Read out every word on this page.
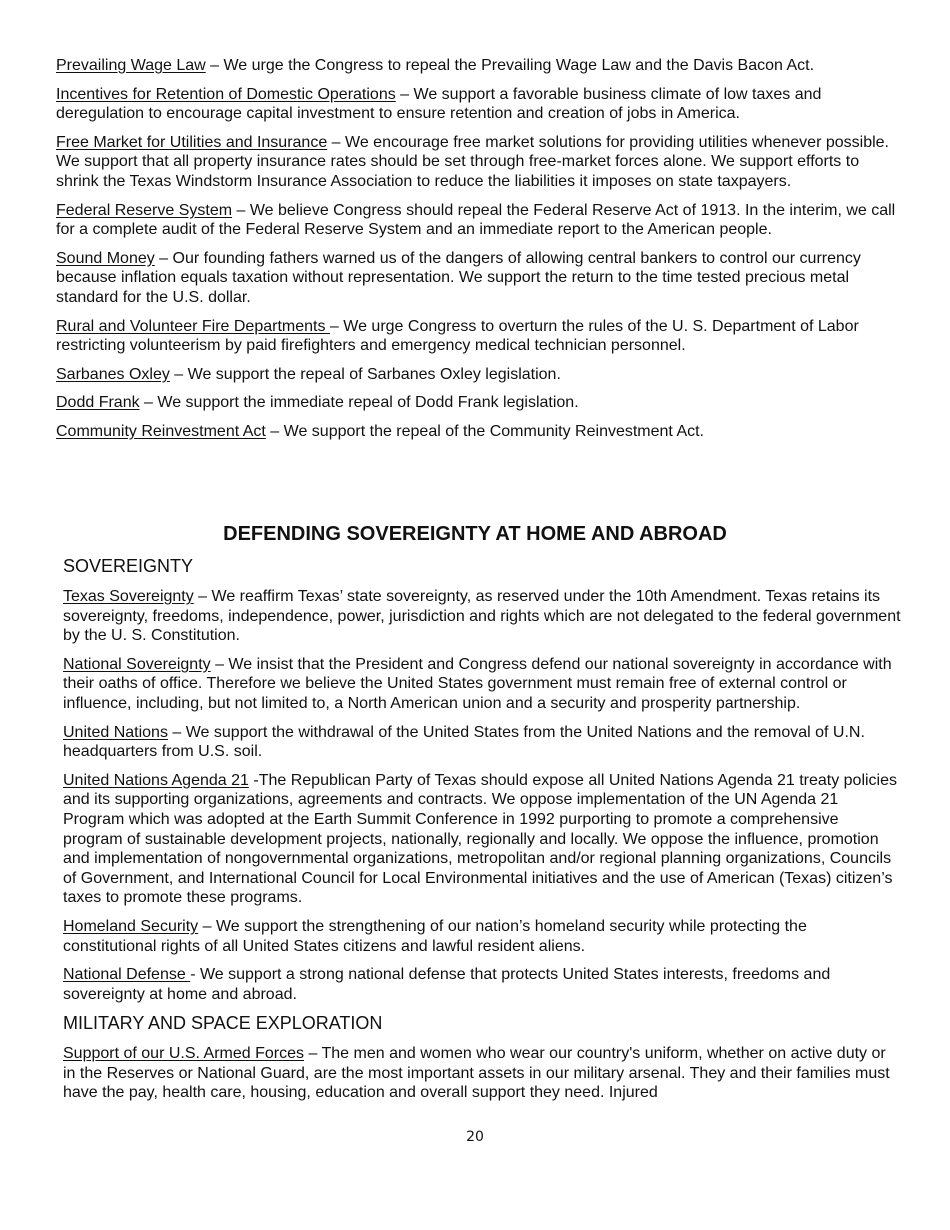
Prevailing Wage Law – We urge the Congress to repeal the Prevailing Wage Law and the Davis Bacon Act.

Incentives for Retention of Domestic Operations – We support a favorable business climate of low taxes and deregulation to encourage capital investment to ensure retention and creation of jobs in America.

Free Market for Utilities and Insurance – We encourage free market solutions for providing utilities whenever possible. We support that all property insurance rates should be set through free-market forces alone. We support efforts to shrink the Texas Windstorm Insurance Association to reduce the liabilities it imposes on state taxpayers.

Federal Reserve System – We believe Congress should repeal the Federal Reserve Act of 1913. In the interim, we call for a complete audit of the Federal Reserve System and an immediate report to the American people.

Sound Money – Our founding fathers warned us of the dangers of allowing central bankers to control our currency because inflation equals taxation without representation. We support the return to the time tested precious metal standard for the U.S. dollar.

Rural and Volunteer Fire Departments – We urge Congress to overturn the rules of the U. S. Department of Labor restricting volunteerism by paid firefighters and emergency medical technician personnel.

Sarbanes Oxley – We support the repeal of Sarbanes Oxley legislation.

Dodd Frank – We support the immediate repeal of Dodd Frank legislation.

Community Reinvestment Act – We support the repeal of the Community Reinvestment Act.

DEFENDING SOVEREIGNTY AT HOME AND ABROAD
SOVEREIGNTY

Texas Sovereignty – We reaffirm Texas’ state sovereignty, as reserved under the 10th Amendment. Texas retains its sovereignty, freedoms, independence, power, jurisdiction and rights which are not delegated to the federal government by the U. S. Constitution.

National Sovereignty – We insist that the President and Congress defend our national sovereignty in accordance with their oaths of office. Therefore we believe the United States government must remain free of external control or influence, including, but not limited to, a North American union and a security and prosperity partnership.

United Nations – We support the withdrawal of the United States from the United Nations and the removal of U.N. headquarters from U.S. soil.

United Nations Agenda 21 -The Republican Party of Texas should expose all United Nations Agenda 21 treaty policies and its supporting organizations, agreements and contracts. We oppose implementation of the UN Agenda 21 Program which was adopted at the Earth Summit Conference in 1992 purporting to promote a comprehensive program of sustainable development projects, nationally, regionally and locally. We oppose the influence, promotion and implementation of nongovernmental organizations, metropolitan and/or regional planning organizations, Councils of Government, and International Council for Local Environmental initiatives and the use of American (Texas) citizen’s taxes to promote these programs.

Homeland Security – We support the strengthening of our nation’s homeland security while protecting the constitutional rights of all United States citizens and lawful resident aliens.

National Defense - We support a strong national defense that protects United States interests, freedoms and sovereignty at home and abroad.

MILITARY AND SPACE EXPLORATION

Support of our U.S. Armed Forces – The men and women who wear our country's uniform, whether on active duty or in the Reserves or National Guard, are the most important assets in our military arsenal. They and their families must have the pay, health care, housing, education and overall support they need. Injured

20
